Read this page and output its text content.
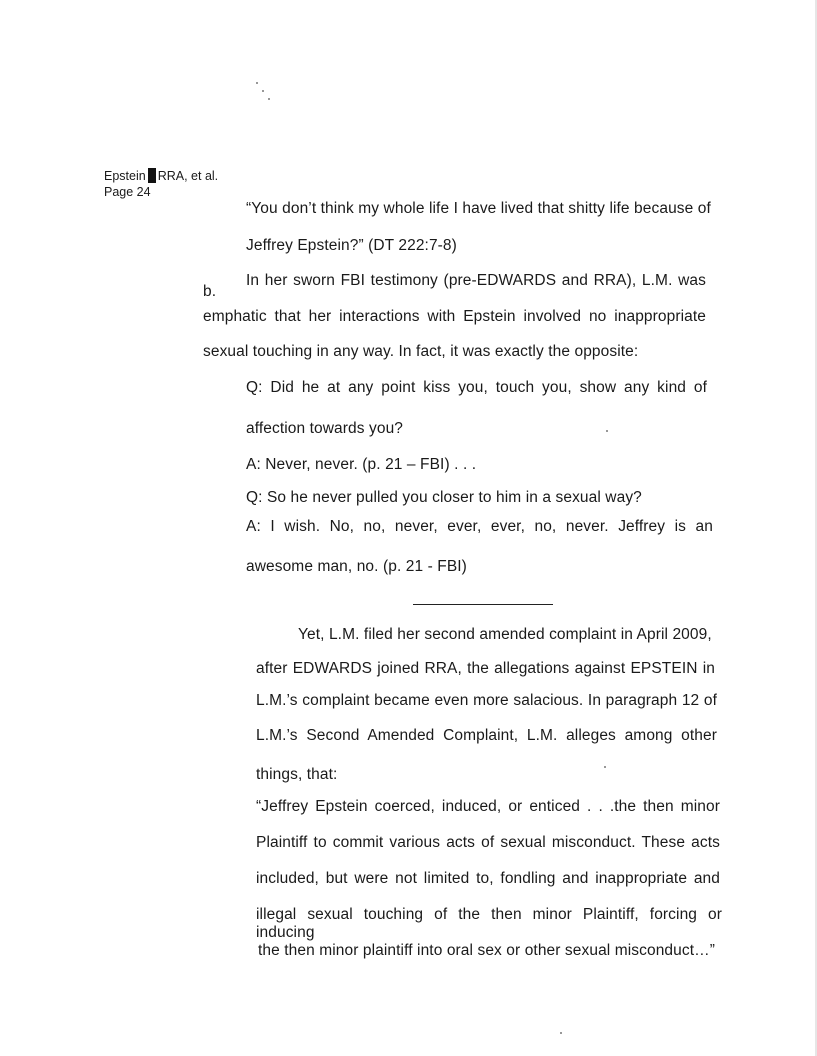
Epstein RRA, et al.
Page 24
“You don’t think my whole life I have lived that shitty life because of
Jeffrey Epstein?” (DT 222:7-8)
b.
In her sworn FBI testimony (pre-EDWARDS and RRA), L.M. was
emphatic that her interactions with Epstein involved no inappropriate
sexual touching in any way. In fact, it was exactly the opposite:
Q: Did he at any point kiss you, touch you, show any kind of
affection towards you?
A: Never, never. (p. 21 – FBI) . . .
Q: So he never pulled you closer to him in a sexual way?
A: I wish. No, no, never, ever, ever, no, never. Jeffrey is an
awesome man, no. (p. 21 - FBI)
Yet, L.M. filed her second amended complaint in April 2009,
after EDWARDS joined RRA, the allegations against EPSTEIN in
L.M.’s complaint became even more salacious. In paragraph 12 of
L.M.’s Second Amended Complaint, L.M. alleges among other
things, that:
“Jeffrey Epstein coerced, induced, or enticed . . .the then minor
Plaintiff to commit various acts of sexual misconduct. These acts
included, but were not limited to, fondling and inappropriate and
illegal sexual touching of the then minor Plaintiff, forcing or inducing
the then minor plaintiff into oral sex or other sexual misconduct…”
